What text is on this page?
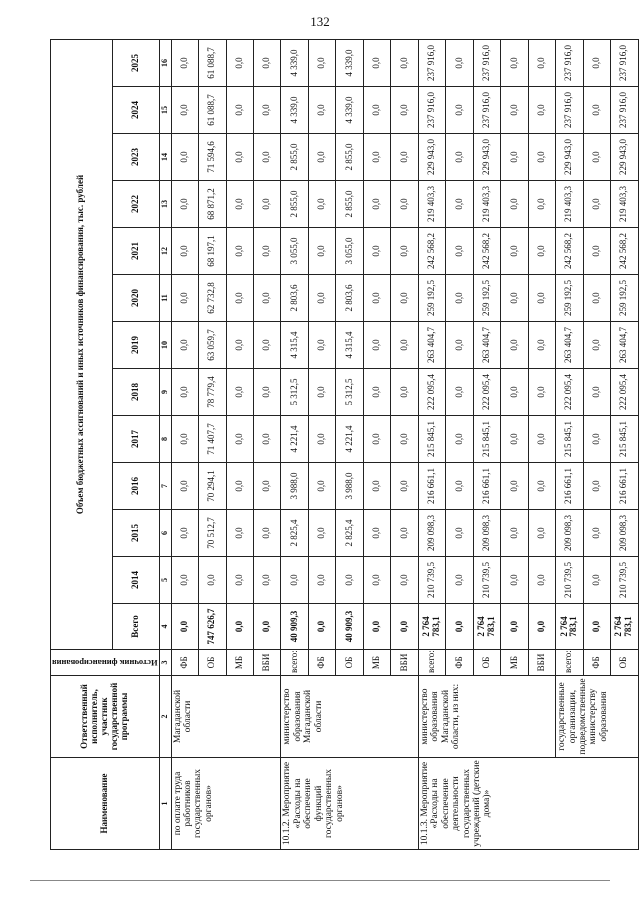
132
Наименование	Ответственный исполнитель, участник государственной программы	Источник финансирования	Объем бюджетных ассигнований и иных источников финансирования, тыс. рублей												
			Всего	2014	2015	2016	2017	2018	2019	2020	2021	2022	2023	2024	2025
1	2	3	4	5	6	7	8	9	10	11	12	13	14	15	16
по оплате труда работников государственных органов»	Магаданской области	ФБ	0,0	0,0	0,0	0,0	0,0	0,0	0,0	0,0	0,0	0,0	0,0	0,0	0,0
		ОБ	747 626,7	0,0	70 512,7	70 294,1	71 407,7	78 779,4	63 059,7	62 732,8	68 197,1	68 871,2	71 594,6	61 088,7	61 088,7
		МБ	0,0	0,0	0,0	0,0	0,0	0,0	0,0	0,0	0,0	0,0	0,0	0,0	0,0
		ВБИ	0,0	0,0	0,0	0,0	0,0	0,0	0,0	0,0	0,0	0,0	0,0	0,0	0,0
10.1.2. Мероприятие «Расходы на обеспечение функций государственных органов»	министерство образования Магаданской области	всего:	40 909,3	0,0	2 825,4	3 988,0	4 221,4	5 312,5	4 315,4	2 803,6	3 055,0	2 855,0	2 855,0	4 339,0	4 339,0
		ФБ	0,0	0,0	0,0	0,0	0,0	0,0	0,0	0,0	0,0	0,0	0,0	0,0	0,0
		ОБ	40 909,3	0,0	2 825,4	3 988,0	4 221,4	5 312,5	4 315,4	2 803,6	3 055,0	2 855,0	2 855,0	4 339,0	4 339,0
		МБ	0,0	0,0	0,0	0,0	0,0	0,0	0,0	0,0	0,0	0,0	0,0	0,0	0,0
		ВБИ	0,0	0,0	0,0	0,0	0,0	0,0	0,0	0,0	0,0	0,0	0,0	0,0	0,0
10.1.3. Мероприятие «Расходы на обеспечение деятельности государственных учреждений (детские дома)»	министерство образования Магаданской области, из них:	всего:	2 764 783,1	210 739,5	209 098,3	216 661,1	215 845,1	222 095,4	263 404,7	259 192,5	242 568,2	219 403,3	229 943,0	237 916,0	237 916,0
		ФБ	0,0	0,0	0,0	0,0	0,0	0,0	0,0	0,0	0,0	0,0	0,0	0,0	0,0
		ОБ	2 764 783,1	210 739,5	209 098,3	216 661,1	215 845,1	222 095,4	263 404,7	259 192,5	242 568,2	219 403,3	229 943,0	237 916,0	237 916,0
		МБ	0,0	0,0	0,0	0,0	0,0	0,0	0,0	0,0	0,0	0,0	0,0	0,0	0,0
		ВБИ	0,0	0,0	0,0	0,0	0,0	0,0	0,0	0,0	0,0	0,0	0,0	0,0	0,0
	государственные организации, подведомственные министерству образования	всего:	2 764 783,1	210 739,5	209 098,3	216 661,1	215 845,1	222 095,4	263 404,7	259 192,5	242 568,2	219 403,3	229 943,0	237 916,0	237 916,0
		ФБ	0,0	0,0	0,0	0,0	0,0	0,0	0,0	0,0	0,0	0,0	0,0	0,0	0,0
		ОБ	2 764 783,1	210 739,5	209 098,3	216 661,1	215 845,1	222 095,4	263 404,7	259 192,5	242 568,2	219 403,3	229 943,0	237 916,0	237 916,0
